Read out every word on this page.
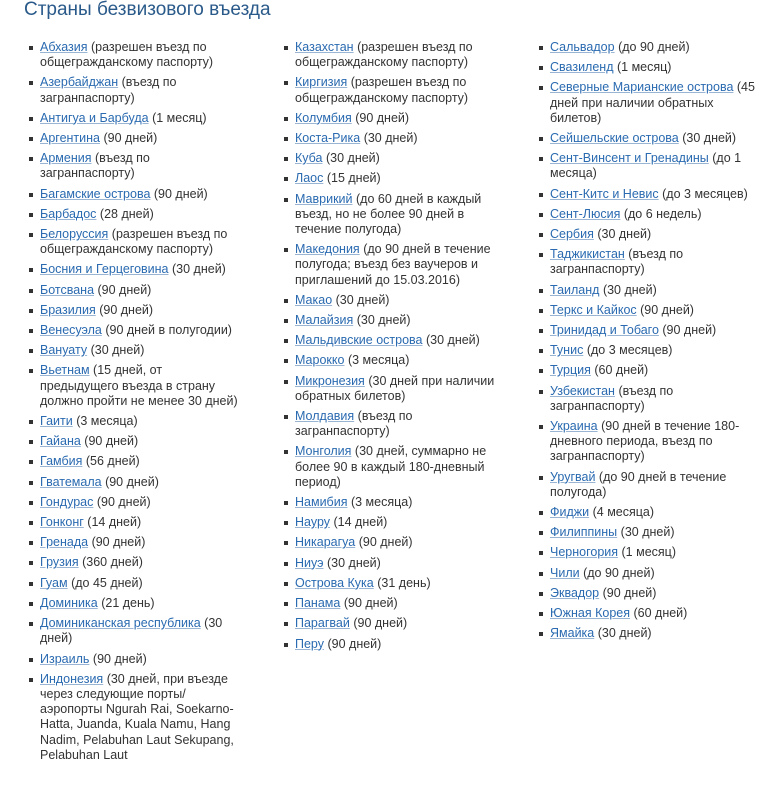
Страны безвизового въезда
Абхазия (разрешен въезд по общегражданскому паспорту)
Азербайджан (въезд по загранпаспорту)
Антигуа и Барбуда (1 месяц)
Аргентина (90 дней)
Армения (въезд по загранпаспорту)
Багамские острова (90 дней)
Барбадос (28 дней)
Белоруссия (разрешен въезд по общегражданскому паспорту)
Босния и Герцеговина (30 дней)
Ботсвана (90 дней)
Бразилия (90 дней)
Венесуэла (90 дней в полугодии)
Вануату (30 дней)
Вьетнам (15 дней, от предыдущего въезда в страну должно пройти не менее 30 дней)
Гаити (3 месяца)
Гайана (90 дней)
Гамбия (56 дней)
Гватемала (90 дней)
Гондурас (90 дней)
Гонконг (14 дней)
Гренада (90 дней)
Грузия (360 дней)
Гуам (до 45 дней)
Доминика (21 день)
Доминиканская республика (30 дней)
Израиль (90 дней)
Индонезия (30 дней, при въезде через следующие порты/аэропорты Ngurah Rai, Soekarno-Hatta, Juanda, Kuala Namu, Hang Nadim, Pelabuhan Laut Sekupang, Pelabuhan Laut
Казахстан (разрешен въезд по общегражданскому паспорту)
Киргизия (разрешен въезд по общегражданскому паспорту)
Колумбия (90 дней)
Коста-Рика (30 дней)
Куба (30 дней)
Лаос (15 дней)
Маврикий (до 60 дней в каждый въезд, но не более 90 дней в течение полугода)
Македония (до 90 дней в течение полугода; въезд без ваучеров и приглашений до 15.03.2016)
Макао (30 дней)
Малайзия (30 дней)
Мальдивские острова (30 дней)
Марокко (3 месяца)
Микронезия (30 дней при наличии обратных билетов)
Молдавия (въезд по загранпаспорту)
Монголия (30 дней, суммарно не более 90 в каждый 180-дневный период)
Намибия (3 месяца)
Науру (14 дней)
Никарагуа (90 дней)
Ниуэ (30 дней)
Острова Кука (31 день)
Панама (90 дней)
Парагвай (90 дней)
Перу (90 дней)
Сальвадор (до 90 дней)
Свазиленд (1 месяц)
Северные Марианские острова (45 дней при наличии обратных билетов)
Сейшельские острова (30 дней)
Сент-Винсент и Гренадины (до 1 месяца)
Сент-Китс и Невис (до 3 месяцев)
Сент-Люсия (до 6 недель)
Сербия (30 дней)
Таджикистан (въезд по загранпаспорту)
Таиланд (30 дней)
Теркс и Кайкос (90 дней)
Тринидад и Тобаго (90 дней)
Тунис (до 3 месяцев)
Турция (60 дней)
Узбекистан (въезд по загранпаспорту)
Украина (90 дней в течение 180-дневного периода, въезд по загранпаспорту)
Уругвай (до 90 дней в течение полугода)
Фиджи (4 месяца)
Филиппины (30 дней)
Черногория (1 месяц)
Чили (до 90 дней)
Эквадор (90 дней)
Южная Корея (60 дней)
Ямайка (30 дней)
